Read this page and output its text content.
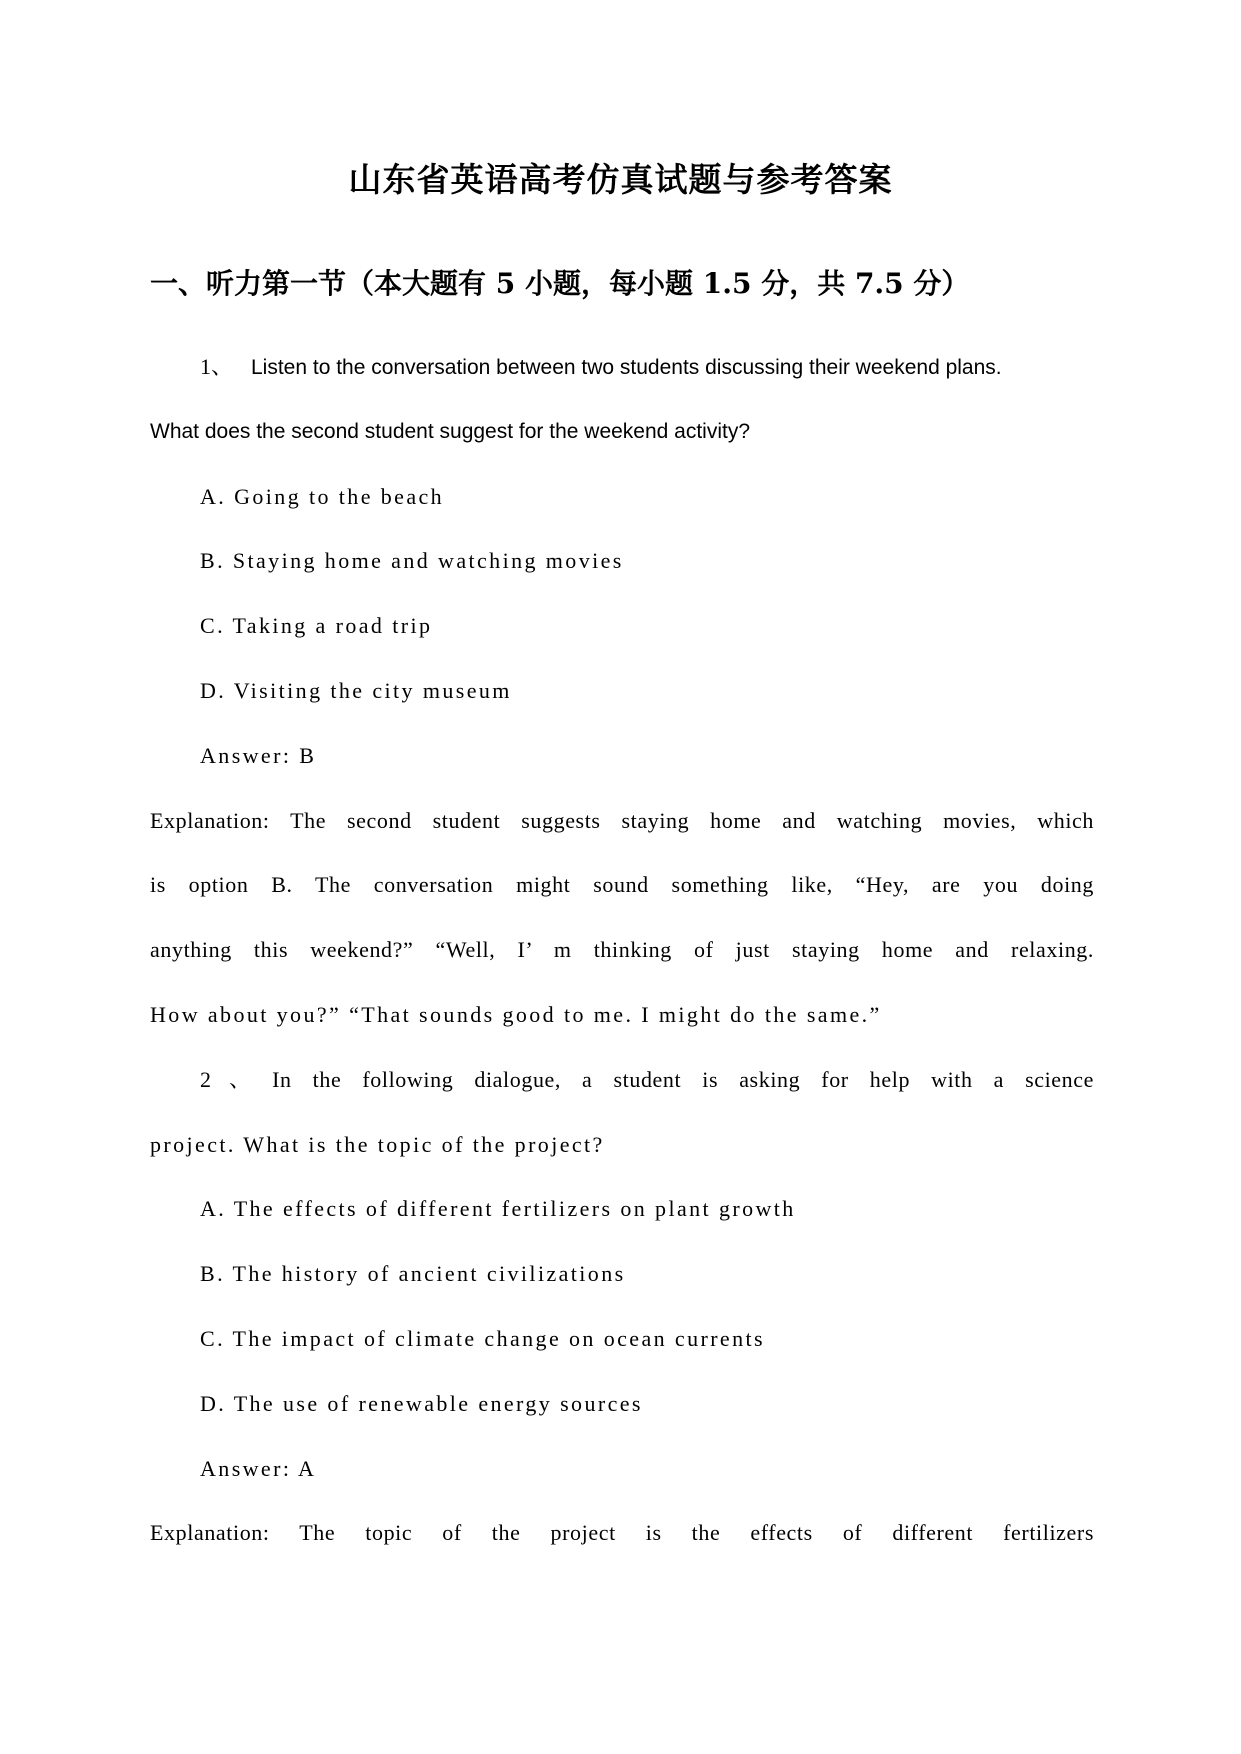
山东省英语高考仿真试题与参考答案
一、听力第一节（本大题有 5 小题，每小题 1.5 分，共 7.5 分）
1、 Listen to the conversation between two students discussing their weekend plans.
What does the second student suggest for the weekend activity?
A. Going to the beach
B. Staying home and watching movies
C. Taking a road trip
D. Visiting the city museum
Answer: B
Explanation: The second student suggests staying home and watching movies, which
is option B. The conversation might sound something like, “Hey, are you doing
anything this weekend?” “Well, I’ m thinking of just staying home and relaxing.
How about you?” “That sounds good to me. I might do the same.”
2、 In the following dialogue, a student is asking for help with a science
project. What is the topic of the project?
A. The effects of different fertilizers on plant growth
B. The history of ancient civilizations
C. The impact of climate change on ocean currents
D. The use of renewable energy sources
Answer: A
Explanation: The topic of the project is the effects of different fertilizers
